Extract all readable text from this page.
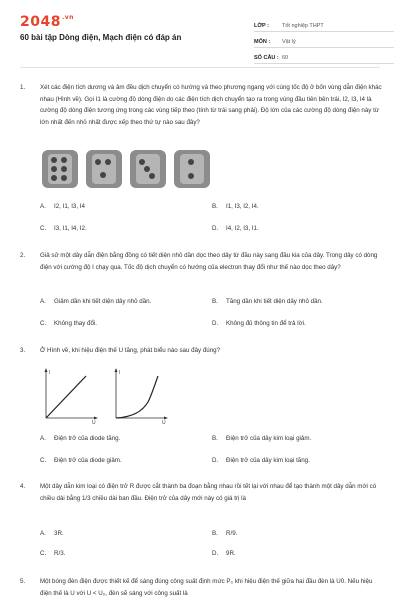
$2048^{.vn}$
60 bài tập Dòng điện, Mạch điện có đáp án
LỚP :	Tốt nghiệp THPT
MÔN :	Vật lý
SỐ CÂU : 60
1.	Xét các điện tích dương và âm đều dịch chuyển có hướng và theo phương ngang với cùng tốc độ ở bốn vùng dẫn điện khác nhau (Hình về). Gọi I1 là cường độ dòng điện do các điện tích dịch chuyển tạo ra trong vùng đầu tiên bên trái, I2, I3, I4 là cường độ dòng điện tương ứng trong các vùng tiếp theo (tính từ trái sang phải). Độ lớn của các cường độ dòng điện này từ lớn nhất đến nhỏ nhất được xếp theo thứ tự nào sau đây?
A. I2, I1, I3, I4	B. I1, I3, I2, I4.
C. I3, I1, I4, I2.	D. I4, I2, I3, I1.
2.	Giả sử một dây dẫn điện bằng đồng có tiết diện nhỏ dần dọc theo dây từ đầu này sang đầu kia của dây. Trong dây có dòng điện với cường độ I chạy qua. Tốc độ dịch chuyển có hướng của electron thay đổi như thế nào dọc theo dây?
A. Giảm dần khi tiết diện dây nhỏ dần.	B. Tăng dần khi tiết diện dây nhỏ dần.
C. Không thay đổi.	D. Không đủ thông tin để trả lời.
3.	Ở Hình về, khi hiệu điện thế U tăng, phát biểu nào sau đây đúng?
I
U
I
U
A. Điện trở của diode tăng.	B. Điện trở của dây kim loại giảm.
C. Điện trở của diode giảm.	D. Điện trở của dây kim loại tăng.
4.	Một dây dẫn kim loại có điện trở R được cắt thành ba đoạn bằng nhau rồi tết lại với nhau để tạo thành một dây dẫn mới có chiều dài bằng 1/3 chiều dài ban đầu. Điện trở của dây mới này có giá trị là
A. 3R.	B. R/9.
C. R/3.	D. 9R.
5.	Một bóng đèn điện được thiết kế để sáng đúng công suất định mức P₀ khi hiệu điện thế giữa hai đầu đèn là U0. Nếu hiệu điện thế là U với U < U₀, đèn sẽ sáng với công suất là
